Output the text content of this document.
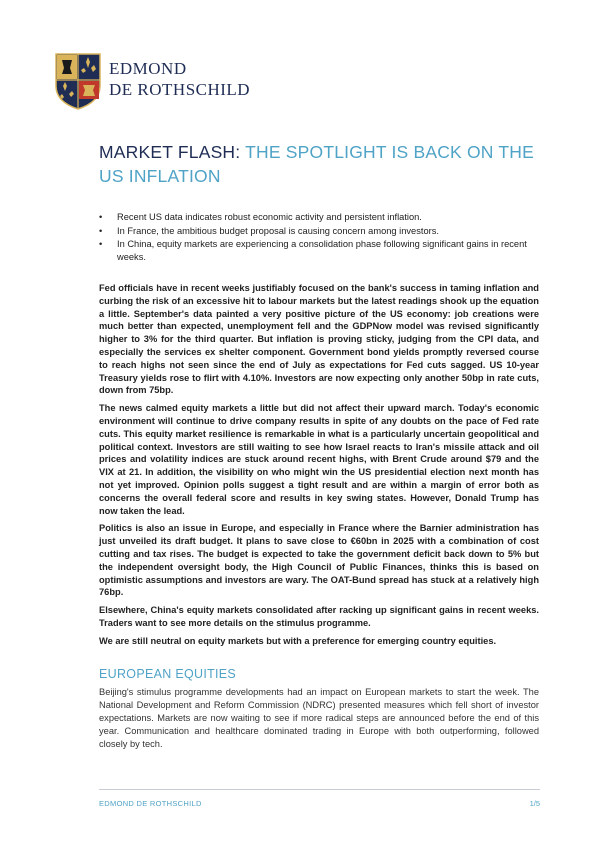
EDMOND
DE ROTHSCHILD
MARKET FLASH: THE SPOTLIGHT IS BACK ON THE US INFLATION
• Recent US data indicates robust economic activity and persistent inflation.
• In France, the ambitious budget proposal is causing concern among investors.
• In China, equity markets are experiencing a consolidation phase following significant gains in recent weeks.

Fed officials have in recent weeks justifiably focused on the bank's success in taming inflation and curbing the risk of an excessive hit to labour markets but the latest readings shook up the equation a little. September's data painted a very positive picture of the US economy: job creations were much better than expected, unemployment fell and the GDPNow model was revised significantly higher to 3% for the third quarter. But inflation is proving sticky, judging from the CPI data, and especially the services ex shelter component. Government bond yields promptly reversed course to reach highs not seen since the end of July as expectations for Fed cuts sagged. US 10-year Treasury yields rose to flirt with 4.10%. Investors are now expecting only another 50bp in rate cuts, down from 75bp.

The news calmed equity markets a little but did not affect their upward march. Today's economic environment will continue to drive company results in spite of any doubts on the pace of Fed rate cuts. This equity market resilience is remarkable in what is a particularly uncertain geopolitical and political context. Investors are still waiting to see how Israel reacts to Iran's missile attack and oil prices and volatility indices are stuck around recent highs, with Brent Crude around $79 and the VIX at 21. In addition, the visibility on who might win the US presidential election next month has not yet improved. Opinion polls suggest a tight result and are within a margin of error both as concerns the overall federal score and results in key swing states. However, Donald Trump has now taken the lead.

Politics is also an issue in Europe, and especially in France where the Barnier administration has just unveiled its draft budget. It plans to save close to €60bn in 2025 with a combination of cost cutting and tax rises. The budget is expected to take the government deficit back down to 5% but the independent oversight body, the High Council of Public Finances, thinks this is based on optimistic assumptions and investors are wary. The OAT-Bund spread has stuck at a relatively high 76bp.

Elsewhere, China's equity markets consolidated after racking up significant gains in recent weeks. Traders want to see more details on the stimulus programme.

We are still neutral on equity markets but with a preference for emerging country equities.

EUROPEAN EQUITIES

Beijing's stimulus programme developments had an impact on European markets to start the week. The National Development and Reform Commission (NDRC) presented measures which fell short of investor expectations. Markets are now waiting to see if more radical steps are announced before the end of this year. Communication and healthcare dominated trading in Europe with both outperforming, followed closely by tech.

EDMOND DE ROTHSCHILD	1/5
